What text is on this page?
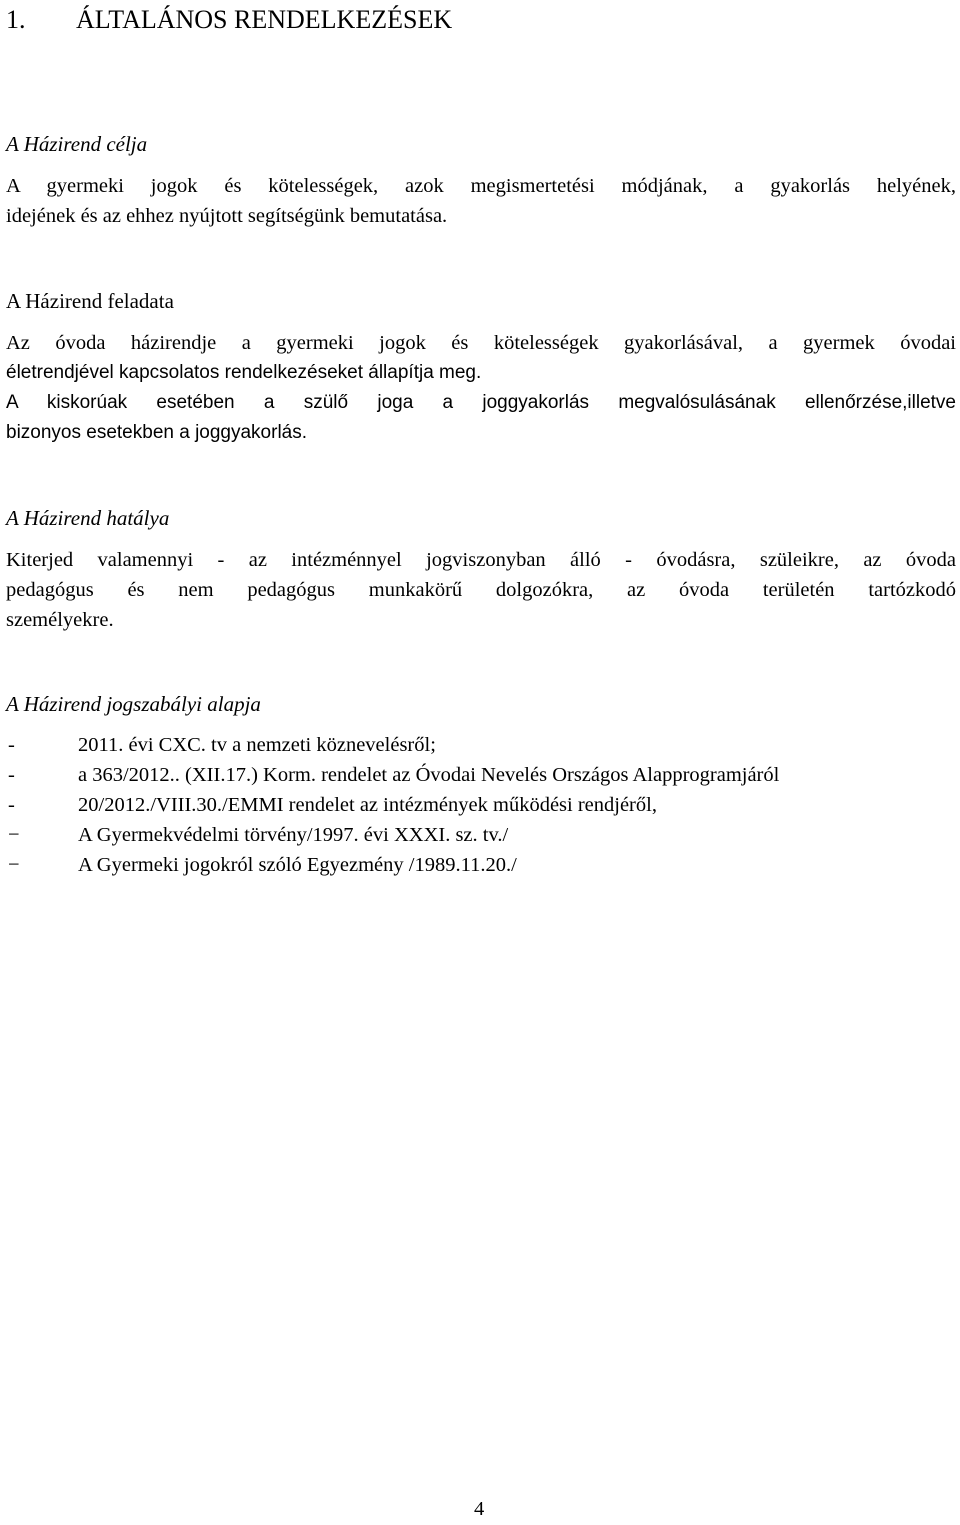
1. ÁLTALÁNOS RENDELKEZÉSEK
A Házirend célja
A gyermeki jogok és kötelességek, azok megismertetési módjának, a gyakorlás helyének,
idejének és az ehhez nyújtott segítségünk bemutatása.
A Házirend feladata
Az óvoda házirendje a gyermeki jogok és kötelességek gyakorlásával, a gyermek óvodai
életrendjével kapcsolatos rendelkezéseket állapítja meg.
A kiskorúak esetében a szülő joga a joggyakorlás megvalósulásának ellenőrzése,illetve
bizonyos esetekben a joggyakorlás.
A Házirend hatálya
Kiterjed valamennyi - az intézménnyel jogviszonyban álló - óvodásra, szüleikre, az óvoda
pedagógus és nem pedagógus munkakörű dolgozókra, az óvoda területén tartózkodó
személyekre.
A Házirend jogszabályi alapja
-	2011. évi CXC. tv a nemzeti köznevelésről;
-	a 363/2012.. (XII.17.) Korm. rendelet az Óvodai Nevelés Országos Alapprogramjáról
-	20/2012./VIII.30./EMMI rendelet az intézmények működési rendjéről,
−	A Gyermekvédelmi törvény/1997. évi XXXI. sz. tv./
−	A Gyermeki jogokról szóló Egyezmény /1989.11.20./

4
